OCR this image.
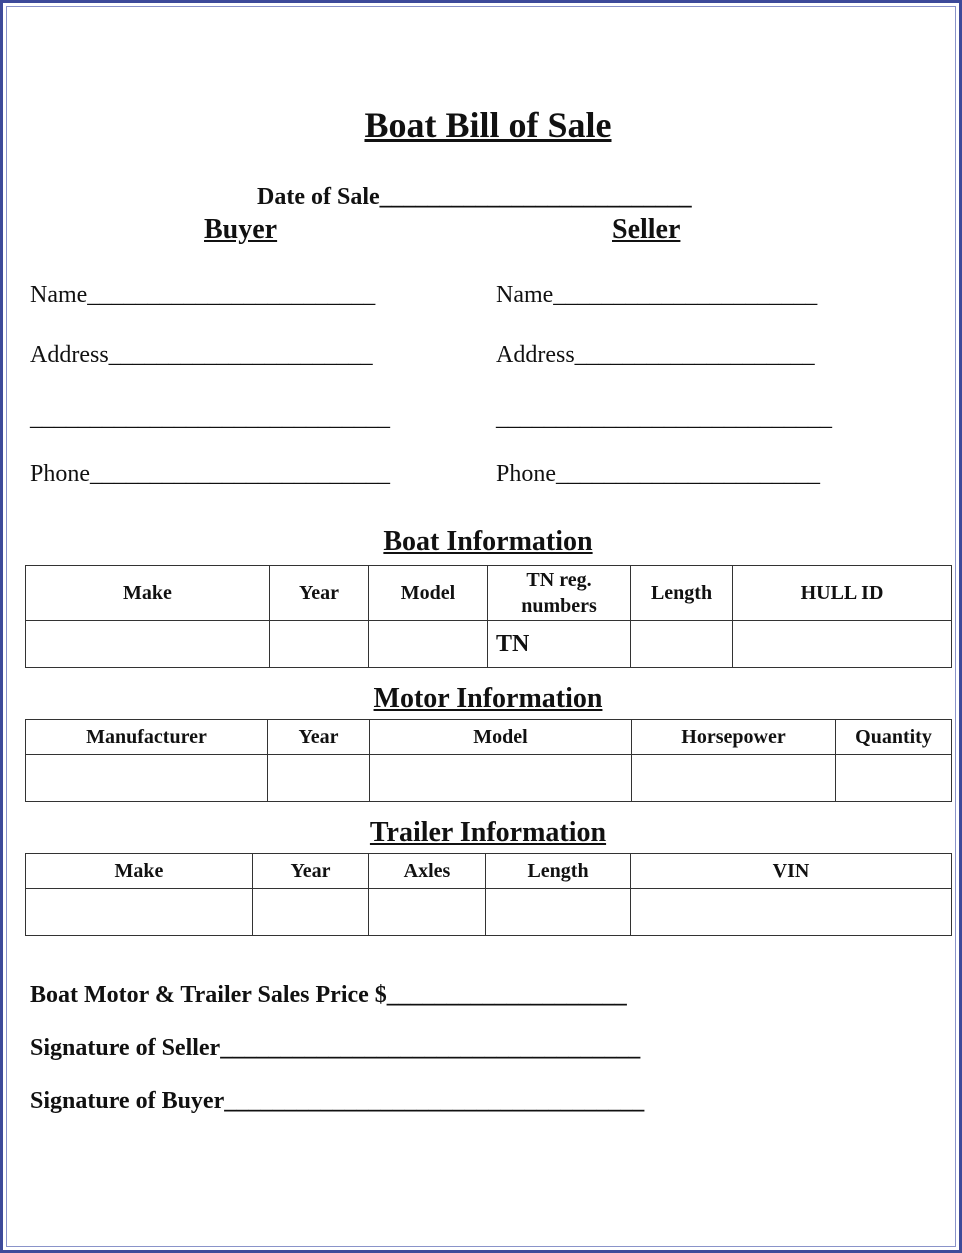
Boat Bill of Sale
Date of Sale__________________________
Buyer	Seller
Name________________________
Address______________________
______________________________
Phone_________________________
Name______________________
Address____________________
____________________________
Phone______________________
Boat Information
Make	Year	Model	TN reg. numbers	Length	HULL ID
			TN		
Motor Information
Manufacturer	Year	Model	Horsepower	Quantity

Trailer Information
Make	Year	Axles	Length	VIN

Boat Motor & Trailer Sales Price $____________________
Signature of Seller___________________________________
Signature of Buyer___________________________________
